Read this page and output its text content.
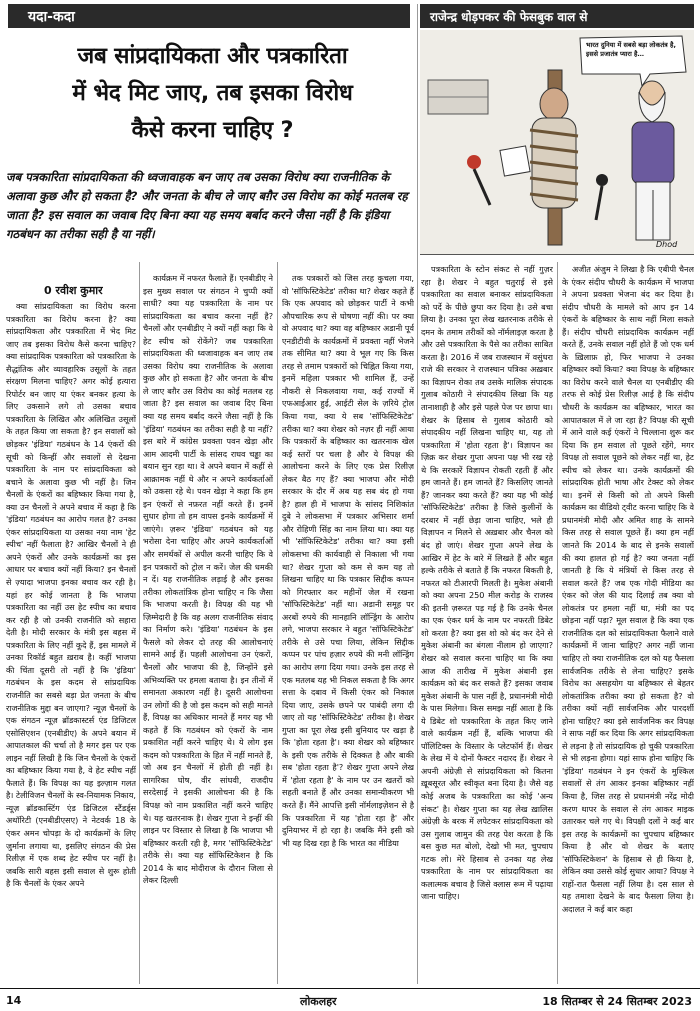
यदा-कदा	राजेन्द्र धोड़पकर की फेसबुक वाल से
भारत दुनिया में सबसे बड़ा लोकतंत्र है, इससे प्रजातंत्र प्यारा है…
Dhod
जब सांप्रदायिकता और पत्रकारिता
में भेद मिट जाए, तब इसका विरोध
कैसे करना चाहिए ?
जब पत्रकारिता सांप्रदायिकता की ध्वजावाहक बन जाए तब उसका विरोध क्या राजनीतिक के अलावा कुछ और हो सकता है? और जनता के बीच ले जाए बग़ैर उस विरोध का कोई मतलब रह जाता है? इस सवाल का जवाब दिए बिना क्या यह समय बर्बाद करने जैसा नहीं है कि इंडिया गठबंधन का तरीका सही है या नहीं।
0 रवीश कुमार

क्या सांप्रदायिकता का विरोध करना पत्रकारिता का विरोध करना है? क्या सांप्रदायिकता और पत्रकारिता में भेद मिट जाए तब इसका विरोध कैसे करना चाहिए? क्या सांप्रदायिक पत्रकारिता को पत्रकारिता के सैद्धांतिक और व्यावहारिक उसूलों के तहत संरक्षण मिलना चाहिए? अगर कोई हत्यारा रिपोर्टर बन जाए या एंकर बनकर हत्या के लिए उकसाने लगे तो उसका बचाव पत्रकारिता के लिखित और अलिखित उसूलों के तहत किया जा सकता है? इन सवालों को छोड़कर 'इंडिया' गठबंधन के 14 एंकरों की सूची को किन्हीं और सवालों से देखना पत्रकारिता के नाम पर सांप्रदायिकता को बचाने के अलावा कुछ भी नहीं है। जिन चैनलों के एंकरों का बहिष्कार किया गया है, क्या उन चैनलों ने अपने बचाव में कहा है कि 'इंडिया' गठबंधन का आरोप गलत है? उनका एंकर सांप्रदायिकता या उसका नया नाम 'हेट स्पीच' नहीं फैलाता है? आखिर चैनलों ने ही अपने एंकरों और उनके कार्यक्रमों का इस आधार पर बचाव क्यों नहीं किया? इन चैनलों से ज़्यादा भाजपा इनका बचाव कर रही है। यहां हर कोई जानता है कि भाजपा पत्रकारिता का नहीं उस हेट स्पीच का बचाव कर रही है जो उनकी राजनीति को सहारा देती है। मोदी सरकार के मंत्री इस बहस में पत्रकारिता के लिए नहीं कूदे हैं, इस मामले में उनका रिकॉर्ड बहुत ख़राब है। कहीं भाजपा की चिंता दूसरी तो नहीं है कि 'इंडिया' गठबंधन के इस कदम से सांप्रदायिक राजनीति का सबसे बड़ा प्रेत जनता के बीच राजनीतिक मुद्दा बन जाएगा? न्यूज़ चैनलों के एक संगठन न्यूज़ ब्रॉडकास्टर्स एंड डिजिटल एसोसिएशन (एनबीडीए) के अपने बयान में आपातकाल की चर्चा तो है मगर इस पर एक लाइन नहीं लिखी है कि जिन चैनलों के एंकरों का बहिष्कार किया गया है, वे हेट स्पीच नहीं फैलाते हैं। कि विपक्ष का यह इल्ज़ाम गलत है। टेलीविजन चैनलों के स्व-नियामक निकाय, न्यूज़ ब्रॉडकास्टिंग एंड डिजिटल स्टैंडर्ड्स अथॉरिटी (एनबीडीएसए) ने नेटवर्क 18 के एंकर अमन चोपड़ा के दो कार्यक्रमों के लिए जुर्माना लगाया था, इसलिए संगठन की प्रेस रिलीज़ में एक शब्द हेट स्पीच पर नहीं है। जबकि सारी बहस इसी सवाल से शुरू होती है कि चैनलों के एंकर अपने

कार्यक्रम में नफरत फैलाते हैं। एनबीडीए ने इस मुख्य सवाल पर संगठन ने चुप्पी क्यों साधी? क्या यह पत्रकारिता के नाम पर सांप्रदायिकता का बचाव करना नहीं है? चैनलों और एनबीडीए ने क्यों नहीं कहा कि वे हेट स्पीच को रोकेंगे? जब पत्रकारिता सांप्रदायिकता की ध्वजावाहक बन जाए तब उसका विरोध क्या राजनीतिक के अलावा कुछ और हो सकता है? और जनता के बीच ले जाए बग़ैर उस विरोध का कोई मतलब रह जाता है? इस सवाल का जवाब दिए बिना क्या यह समय बर्बाद करने जैसा नहीं है कि 'इंडिया' गठबंधन का तरीका सही है या नहीं? इस बारे में कांग्रेस प्रवक्ता पवन खेड़ा और आम आदमी पार्टी के सांसद राघव चड्ढा का बयान सुन रहा था। वे अपने बयान में कहीं से आक्रामक नहीं थे और न अपने कार्यकर्ताओं को उकसा रहे थे। पवन खेड़ा ने कहा कि हम इन एंकरों से नफ़रत नहीं करते हैं। इनमें सुधार होगा तो हम वापस इनके कार्यक्रमों में जाएंगे। ज़रूर 'इंडिया' गठबंधन को यह भरोसा देना चाहिए और अपने कार्यकर्ताओं और समर्थकों से अपील करनी चाहिए कि वे इन पत्रकारों को ट्रोल न करें। जेल की धमकी न दें। यह राजनीतिक लड़ाई है और इसका तरीका लोकतांत्रिक होना चाहिए न कि जैसा कि भाजपा करती है। विपक्ष की यह भी ज़िम्मेदारी है कि वह अलग राजनीतिक संवाद का निर्माण करे। 'इंडिया' गठबंधन के इस फैसले को लेकर दो तरह की आलोचनाएं सामने आई हैं। पहली आलोचना उन एंकरों, चैनलों और भाजपा की है, जिन्होंने इसे अभिव्यक्ति पर हमला बताया है। इन तीनों में समानता अकारण नहीं है। दूसरी आलोचना उन लोगों की है जो इस कदम को सही मानते हैं, विपक्ष का अधिकार मानते हैं मगर यह भी कहते हैं कि गठबंधन को एंकरों के नाम प्रकाशित नहीं करने चाहिए थे। ये लोग इस कदम को पत्रकारिता के हित में नहीं मानते हैं, जो अब इन चैनलों में होती ही नहीं है। सागरिका घोष, वीर सांघवी, राजदीप सरदेसाई ने इसकी आलोचना की है कि विपक्ष को नाम प्रकाशित नहीं करने चाहिए थे। यह खतरनाक है। शेखर गुप्ता ने इन्हीं की लाइन पर विस्तार से लिखा है कि भाजपा भी बहिष्कार करती रही है, मगर 'सॉफिस्टिकेटेड' तरीके से। क्या यह सॉफिस्टिकेशन है कि 2014 के बाद मोदीराज के दौरान जिला से लेकर दिल्ली

तक पत्रकारों को जिस तरह कुचला गया, वो 'सॉफिस्टिकेटेड' तरीका था? शेखर कहते हैं कि एक अपवाद को छोड़कर पार्टी ने कभी औपचारिक रूप से घोषणा नहीं की। पर क्या वो अपवाद था? क्या वह बहिष्कार अडानी पूर्व एनडीटीवी के कार्यक्रमों में प्रवक्ता नहीं भेजने तक सीमित था? क्या वे भूल गए कि किस तरह से तमाम पत्रकारों को चिह्नित किया गया, इनमें महिला पत्रकार भी शामिल हैं, उन्हें नौकरी से निकलवाया गया, कई राज्यों में एफआईआर हुई, आईटी सेल के ज़रिये ट्रोल किया गया, क्या ये सब 'सॉफिस्टिकेटेड' तरीका था? क्या शेखर को नज़र ही नहीं आया कि पत्रकारों के बहिष्कार का खतरनाक खेल कई स्तरों पर चला है और ये विपक्ष की आलोचना करने के लिए एक प्रेस रिलीज़ लेकर बैठ गए हैं? क्या भाजपा और मोदी सरकार के दौर में अब यह सब बंद हो गया है? हाल ही में भाजपा के सांसद निशिकांत दुबे ने लोकसभा में पत्रकार अभिसार शर्मा और रोहिणी सिंह का नाम लिया था। क्या यह भी 'सॉफिस्टिकेटेड' तरीका था? क्या इसी लोकसभा की कार्यवाही से निकाला भी गया था? शेखर गुप्ता को कम से कम यह तो लिखना चाहिए था कि पत्रकार सिद्दीक कप्पन को गिरफ्तार कर महीनों जेल में रखना 'सॉफिस्टिकेटेड' नहीं था। अडानी समूह पर अरबों रुपये की मानहानि लॉन्ड्रिंग के आरोप लगे, भाजपा सरकार ने बहुत 'सॉफिस्टिकेटेड' तरीके से उसे पचा लिया, लेकिन सिद्दीक कप्पन पर पांच हज़ार रुपये की मनी लॉन्ड्रिंग का आरोप लगा दिया गया। उनके इस तरह से एक मतलब यह भी निकल सकता है कि अगर सत्ता के दबाव में किसी एंकर को निकाल दिया जाए, उसके छपने पर पाबंदी लगा दी जाए तो यह 'सॉफिस्टिकेटेड' तरीका है। शेखर गुप्ता का पूरा लेख इसी बुनियाद पर खड़ा है कि 'होता रहता है'। क्या शेखर को बहिष्कार के इसी एक तरीके से दिक्कत है और बाकी सब 'होता रहता है'? शेखर गुप्ता अपने लेख में 'होता रहता है' के नाम पर उन खतरों को सहती बनाते हैं और उनका समान्यीकरण भी करते हैं। मैंने आपत्ति इसी नॉर्मलाइज़ेशन से है कि पत्रकारिता में यह 'होता रहा है' और दुनियाभर में हो रहा है। जबकि मैंने इसी को भी यह दिख रहा है कि भारत का मीडिया

पत्रकारिता के स्टोन संकट से नहीं गुज़र रहा है। शेखर ने बहुत चतुराई से इसे पत्रकारिता का सवाल बनाकर सांप्रदायिकता को पर्दे के पीछे छुपा कर दिया है। उसे बचा लिया है। उनका पूरा लेख खतरनाक तरीके से दमन के तमाम तरीकों को नॉर्मलाइज़ करता है और उसे पत्रकारिता के पैसे का तरीका साबित करता है। 2016 में जब राजस्थान में वसुंधरा राजे की सरकार ने राजस्थान पत्रिका अख़बार का विज्ञापन रोका तब उसके मालिक संपादक गुलाब कोठारी ने संपादकीय लिखा कि यह तानाशाही है और इसे पहले पेज पर छापा था। शेखर के हिसाब से गुलाब कोठारी को संपादकीय नहीं लिखना चाहिए था, यह तो पत्रकारिता में 'होता रहता है'। विज्ञापन का ज़िक्र कर शेखर गुप्ता अपना पक्ष भी रख रहे थे कि सरकारें विज्ञापन रोकती रहती हैं और हम जानते हैं। हम जानते हैं? किसलिए जानते हैं? जानकर क्या करते हैं? क्या यह भी कोई 'सॉफिस्टिकेटेड' तरीका है जिसे कुलीनों के दरबार में नहीं छेड़ा जाना चाहिए, भले ही विज्ञापन न मिलने से अख़बार और चैनल को बंद हो जाएं। शेखर गुप्ता अपने लेख के आखिर में हेट के बारे में लिखते हैं और बहुत हल्के तरीके से बताते हैं कि नफरत बिकती है, नफरत को टीआरपी मिलती है। मुकेश अंबानी को क्या अपना 250 मील करोड़ के राजस्व की इतनी ज़रूरत पड़ गई है कि उनके चैनल का एक एंकर धर्म के नाम पर नफरती डिबेट शो करता है? क्या इस शो को बंद कर देने से मुकेश अंबानी का बंगला नीलाम हो जाएगा? शेखर को सवाल करना चाहिए था कि क्या आज की तारीख में मुकेश अंबानी इस कार्यक्रम को बंद कर सकते हैं? इसका जवाब मुकेश अंबानी के पास नहीं है, प्रधानमंत्री मोदी के पास मिलेगा। किस समझ नहीं आता है कि ये डिबेट शो पत्रकारिता के तहत किए जाने वाले कार्यक्रम नहीं हैं, बल्कि भाजपा की पॉलिटिक्स के विस्तार के प्लेटफॉर्म हैं। शेखर के लेख में ये दोनों फैक्टर नदारद हैं। शेखर ने अपनी अंग्रेज़ी से सांप्रदायिकता को कितना ख़ूबसूरत और स्वीकृत बना दिया है। जैसे वह कोई अजब के पत्रकारिता का कोई 'अन्य संकट' है। शेखर गुप्ता का यह लेख ख़ालिस अंग्रेज़ी के बरक में लपेटकर सांप्रदायिकता को उस गुलाब जामुन की तरह पेश करता है कि बस कुछ मत बोलो, देखो भी मत, चुपचाप गटक लो। मेरे हिसाब से उनका यह लेख पत्रकारिता के नाम पर सांप्रदायिकता का कलात्मक बचाव है जिसे क्लास रूम में पढ़ाया जाना चाहिए।

अजीत अंजुम ने लिखा है कि एबीपी चैनल के एंकर संदीप चौधरी के कार्यक्रम में भाजपा ने अपना प्रवक्ता भेजना बंद कर दिया है। संदीप चौधरी के मामले को आप इन 14 एंकरों के बहिष्कार के साथ नहीं मिला सकते हैं। संदीप चौधरी सांप्रदायिक कार्यक्रम नहीं करते हैं, उनके सवाल नहीं होते हैं जो एक धर्म के ख़िलाफ़ हो, फिर भाजपा ने उनका बहिष्कार क्यों किया? क्या विपक्ष के बहिष्कार का विरोध करने वाले चैनल या एनबीडीए की तरफ से कोई प्रेस रिलीज़ आई है कि संदीप चौधरी के कार्यक्रम का बहिष्कार, भारत का आपातकाल में ले जा रहा है? विपक्ष की सूची में आने वाले कई एंकरों ने चिल्लाना शुरू कर दिया कि हम सवाल तो पूछते रहेंगे, मगर विपक्ष तो सवाल पूछने को लेकर नहीं था, हेट स्पीच को लेकर था। उनके कार्यक्रमों की सांप्रदायिक होती भाषा और टेक्स्ट को लेकर था। इनमें से किसी को तो अपने किसी कार्यक्रम का वीडियो ट्वीट करना चाहिए कि वे प्रधानमंत्री मोदी और अमित शाह के सामने किस तरह से सवाल पूछते हैं। क्या हम नहीं जानते कि 2014 के बाद से इनके सवालों की क्या हालत हो गई है? क्या जनता नहीं जानती है कि ये मंत्रियों से किस तरह से सवाल करते हैं? जब एक गोदी मीडिया का एंकर को जेल की याद दिलाई तब क्या वो लोकतंत्र पर हमला नहीं था, मंत्री का पद छोड़ना नहीं पड़ा? मूल सवाल है कि क्या एक राजनीतिक दल को सांप्रदायिकता फैलाने वाले कार्यक्रमों में जाना चाहिए? अगर नहीं जाना चाहिए तो क्या राजनीतिक दल को यह फैसला सार्वजनिक तरीके से लेना चाहिए? इसके विरोध का असहयोग या बहिष्कार से बेहतर लोकतांत्रिक तरीका क्या हो सकता है? वो तरीका क्यों नहीं सार्वजनिक और पारदर्शी होना चाहिए? क्या इसे सार्वजनिक कर विपक्ष ने साफ नहीं कर दिया कि अगर सांप्रदायिकता से लड़ना है तो सांप्रदायिक हो चुकी पत्रकारिता से भी लड़ना होगा। यहां साफ होना चाहिए कि 'इंडिया' गठबंधन ने इन एंकरों के मुश्किल सवालों से तंग आकर इनका बहिष्कार नहीं किया है, जिस तरह से प्रधानमंत्री नरेंद्र मोदी करण थापर के सवाल से तंग आकर माइक उतारकर चले गए थे। विपक्षी दलों ने कई बार इस तरह के कार्यक्रमों का चुपचाप बहिष्कार किया है और वो शेखर के बताए 'सॉफिस्टिकेशन' के हिसाब से ही किया है, लेकिन क्या उससे कोई सुधार आया? विपक्ष ने राहों-रात फैसला नहीं लिया है। दस साल से यह तमाशा देखने के बाद फैसला लिया है। अदालत ने कई बार कहा

14	लोकलहर	18 सितम्बर से 24 सितम्बर 2023
